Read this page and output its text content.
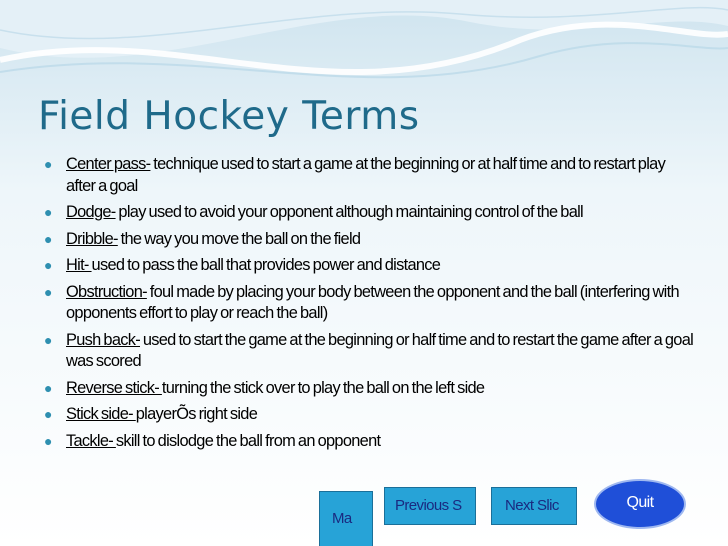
Field Hockey Terms
● Center pass- technique used to start a game at the beginning or at half time and to restart play after a goal
● Dodge- play used to avoid your opponent although maintaining control of the ball
● Dribble- the way you move the ball on the field
● Hit- used to pass the ball that provides power and distance
● Obstruction- foul made by placing your body between the opponent and the ball (interfering with opponents effort to play or reach the ball)
● Push back- used to start the game at the beginning or half time and to restart the game after a goal was scored
● Reverse stick- turning the stick over to play the ball on the left side
● Stick side- playerÕs right side
● Tackle- skill to dislodge the ball from an opponent
Ma
Previous S	Next Slic	Quit
